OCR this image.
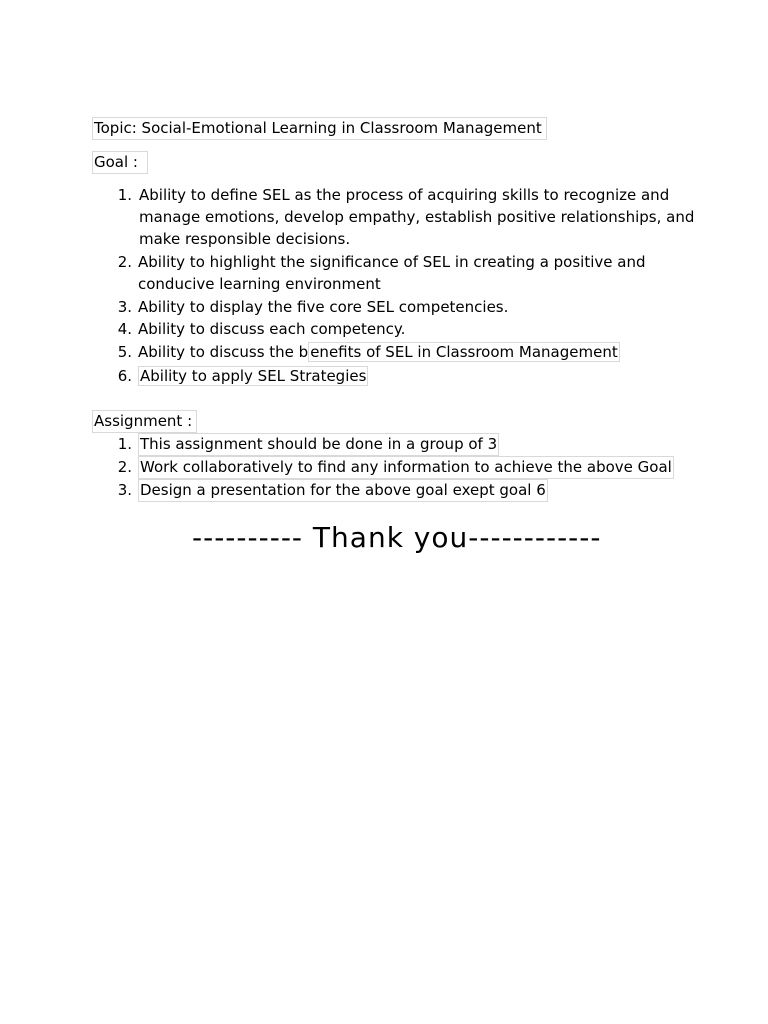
Topic: Social-Emotional Learning in Classroom Management
Goal :
1. Ability to define SEL as the process of acquiring skills to recognize and
manage emotions, develop empathy, establish positive relationships, and
make responsible decisions.
2. Ability to highlight the significance of SEL in creating a positive and
conducive learning environment
3. Ability to display the five core SEL competencies.
4. Ability to discuss each competency.
5. Ability to discuss the b enefits of SEL in Classroom Management
6. Ability to apply SEL Strategies
Assignment :
1. This assignment should be done in a group of 3
2. Work collaboratively to find any information to achieve the above Goal
3. Design a presentation for the above goal exept goal 6
---------- Thank you------------
